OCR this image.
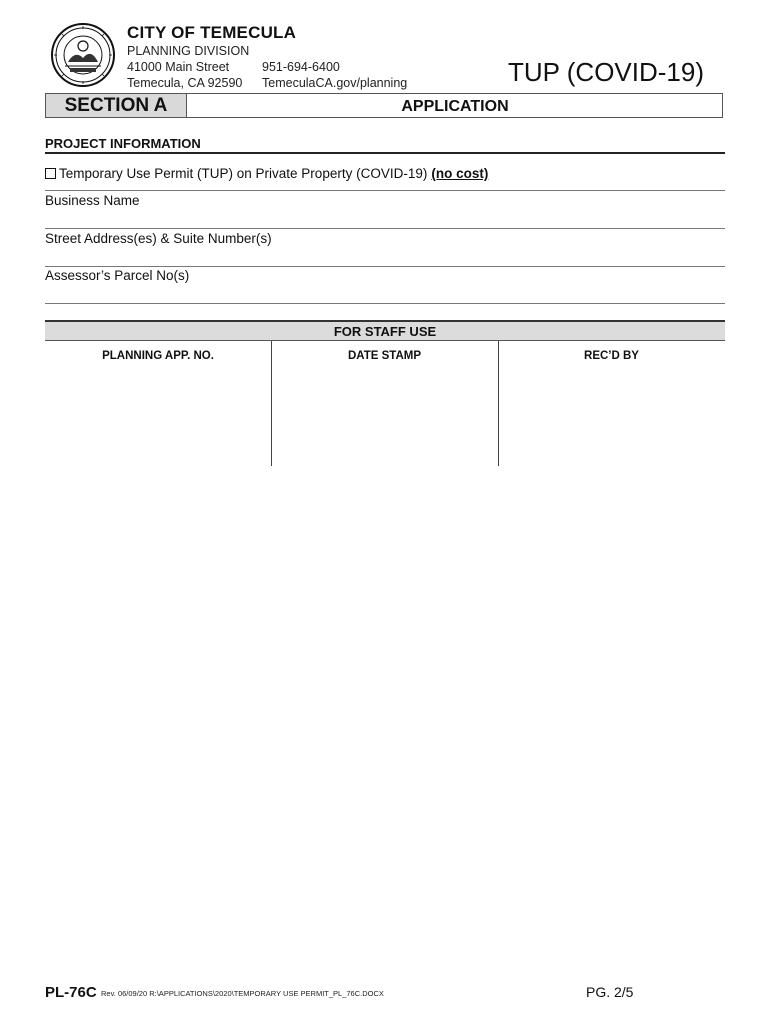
CITY OF TEMECULA
PLANNING DIVISION
41000 Main Street
Temecula, CA 92590
951-694-6400
TemeculaCA.gov/planning	TUP (COVID-19)
SECTION A	APPLICATION
PROJECT INFORMATION
Temporary Use Permit (TUP) on Private Property (COVID-19) (no cost)
Business Name
Street Address(es) & Suite Number(s)
Assessor’s Parcel No(s)
FOR STAFF USE
PLANNING APP. NO.	DATE STAMP	REC’D BY
PL-76C Rev. 06/09/20 R:\APPLICATIONS\2020\TEMPORARY USE PERMIT_PL_76C.DOCX	PG. 2/5
